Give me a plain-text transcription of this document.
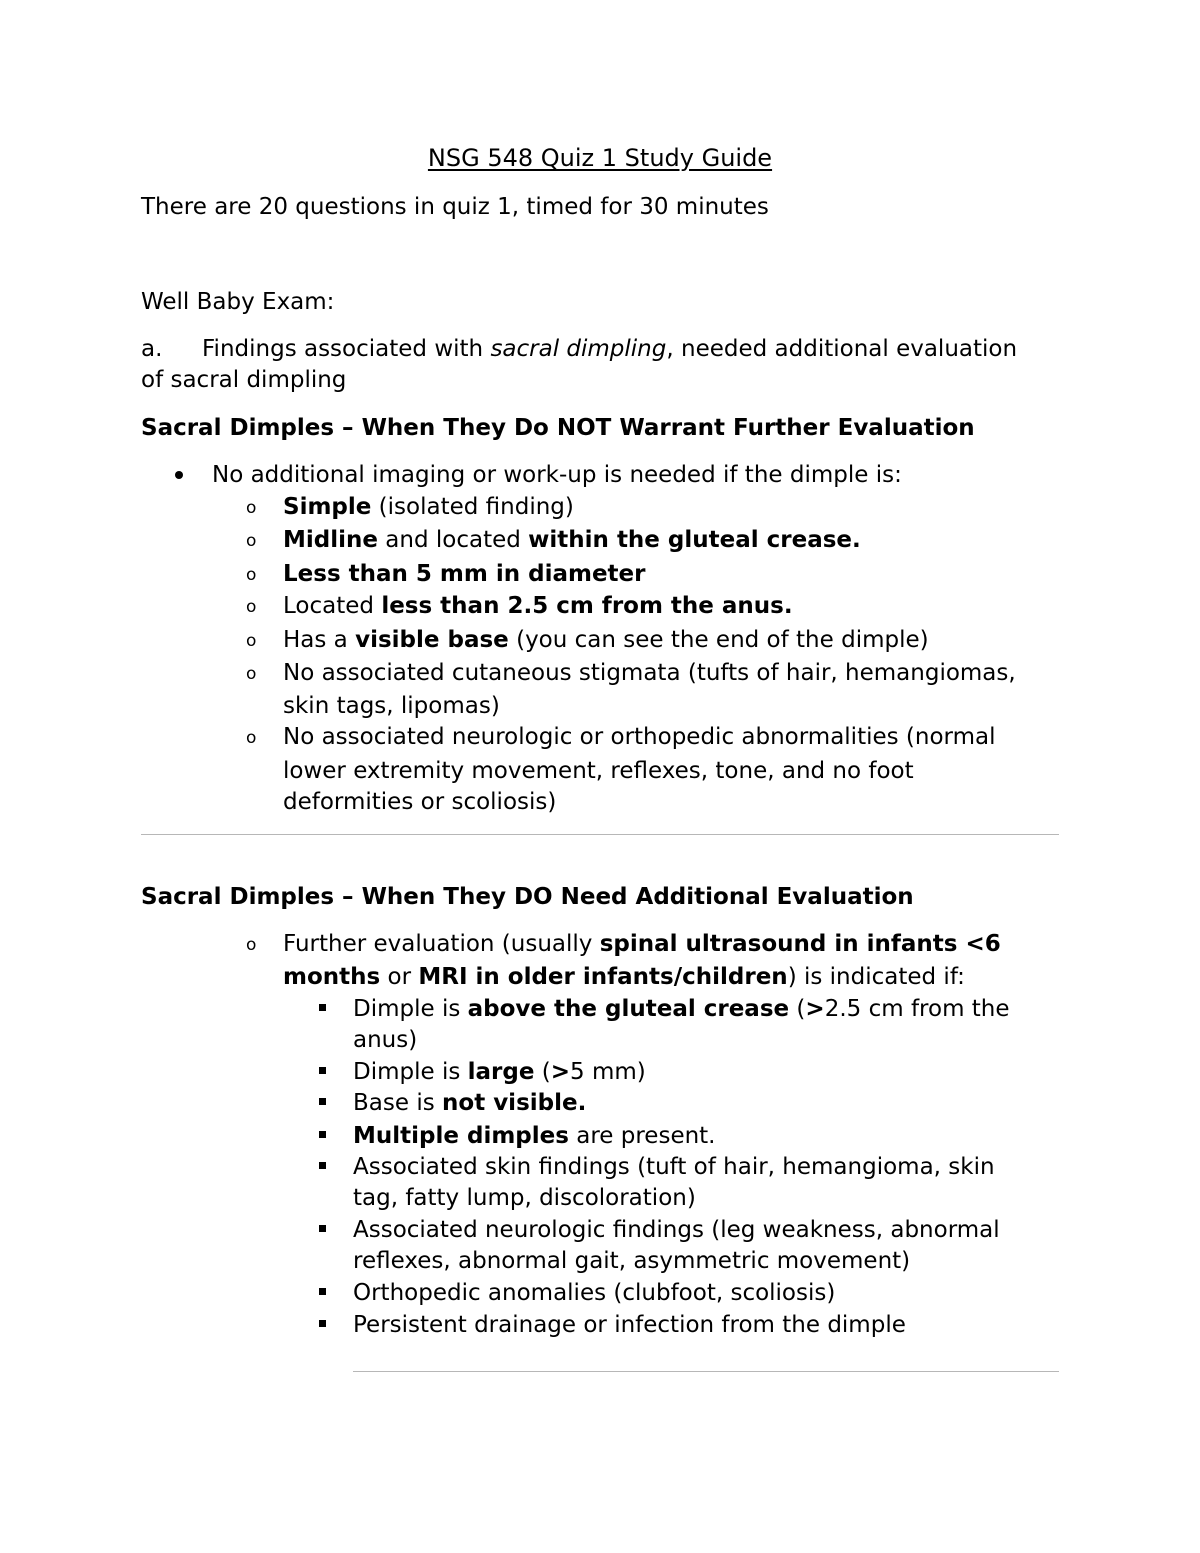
NSG 548 Quiz 1 Study Guide
There are 20 questions in quiz 1, timed for 30 minutes
Well Baby Exam:
a. Findings associated with sacral dimpling, needed additional evaluation
of sacral dimpling
Sacral Dimples – When They Do NOT Warrant Further Evaluation
No additional imaging or work-up is needed if the dimple is:
o Simple (isolated finding)
o Midline and located within the gluteal crease.
o Less than 5 mm in diameter
o Located less than 2.5 cm from the anus.
o Has a visible base (you can see the end of the dimple)
o No associated cutaneous stigmata (tufts of hair, hemangiomas,
skin tags, lipomas)
o No associated neurologic or orthopedic abnormalities (normal
lower extremity movement, reflexes, tone, and no foot
deformities or scoliosis)
Sacral Dimples – When They DO Need Additional Evaluation
o Further evaluation (usually spinal ultrasound in infants <6
months or MRI in older infants/children) is indicated if:
Dimple is above the gluteal crease (>2.5 cm from the
anus)
Dimple is large (>5 mm)
Base is not visible.
Multiple dimples are present.
Associated skin findings (tuft of hair, hemangioma, skin
tag, fatty lump, discoloration)
Associated neurologic findings (leg weakness, abnormal
reflexes, abnormal gait, asymmetric movement)
Orthopedic anomalies (clubfoot, scoliosis)
Persistent drainage or infection from the dimple
